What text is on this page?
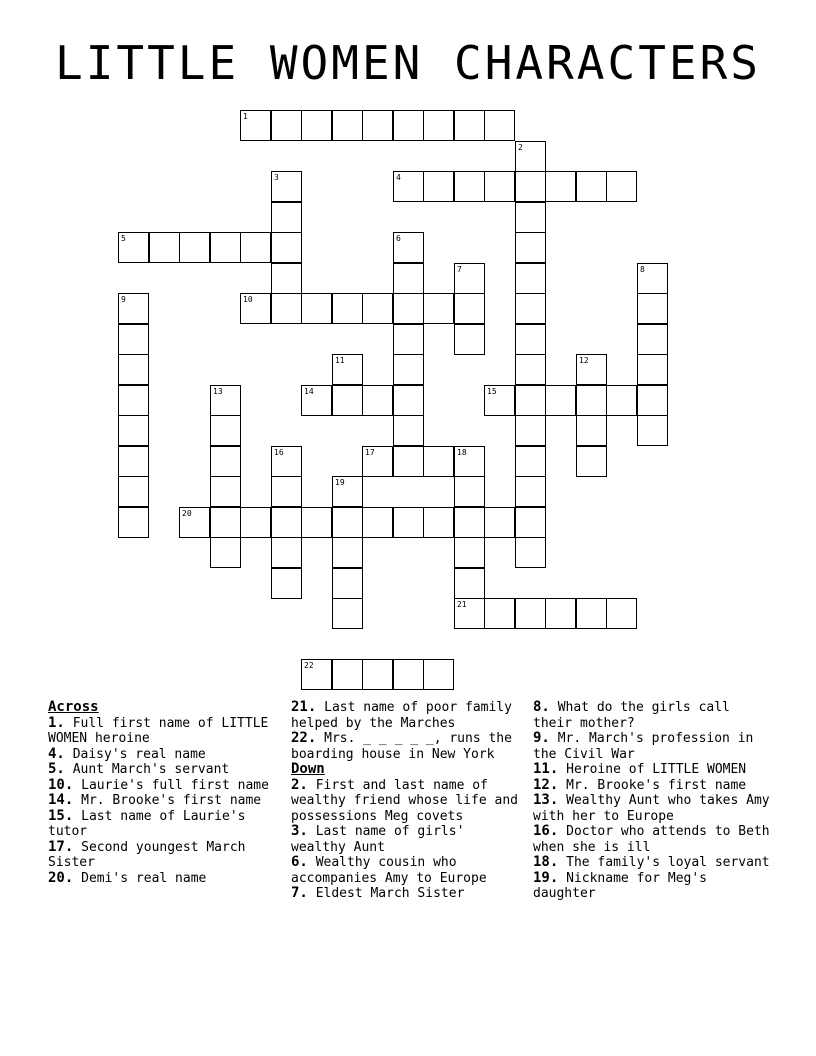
LITTLE WOMEN CHARACTERS
1
2
3	4
5	6
7	8
9	10
11	12
13	14	15
16	17	18
19
20
21
22
Across
1. Full first name of LITTLE WOMEN heroine
4. Daisy's real name
5. Aunt March's servant
10. Laurie's full first name
14. Mr. Brooke's first name
15. Last name of Laurie's tutor
17. Second youngest March Sister
20. Demi's real name
21. Last name of poor family helped by the Marches
22. Mrs. _ _ _ _ _, runs the boarding house in New York
Down
2. First and last name of wealthy friend whose life and possessions Meg covets
3. Last name of girls' wealthy Aunt
6. Wealthy cousin who accompanies Amy to Europe
7. Eldest March Sister
8. What do the girls call their mother?
9. Mr. March's profession in the Civil War
11. Heroine of LITTLE WOMEN
12. Mr. Brooke's first name
13. Wealthy Aunt who takes Amy with her to Europe
16. Doctor who attends to Beth when she is ill
18. The family's loyal servant
19. Nickname for Meg's daughter
